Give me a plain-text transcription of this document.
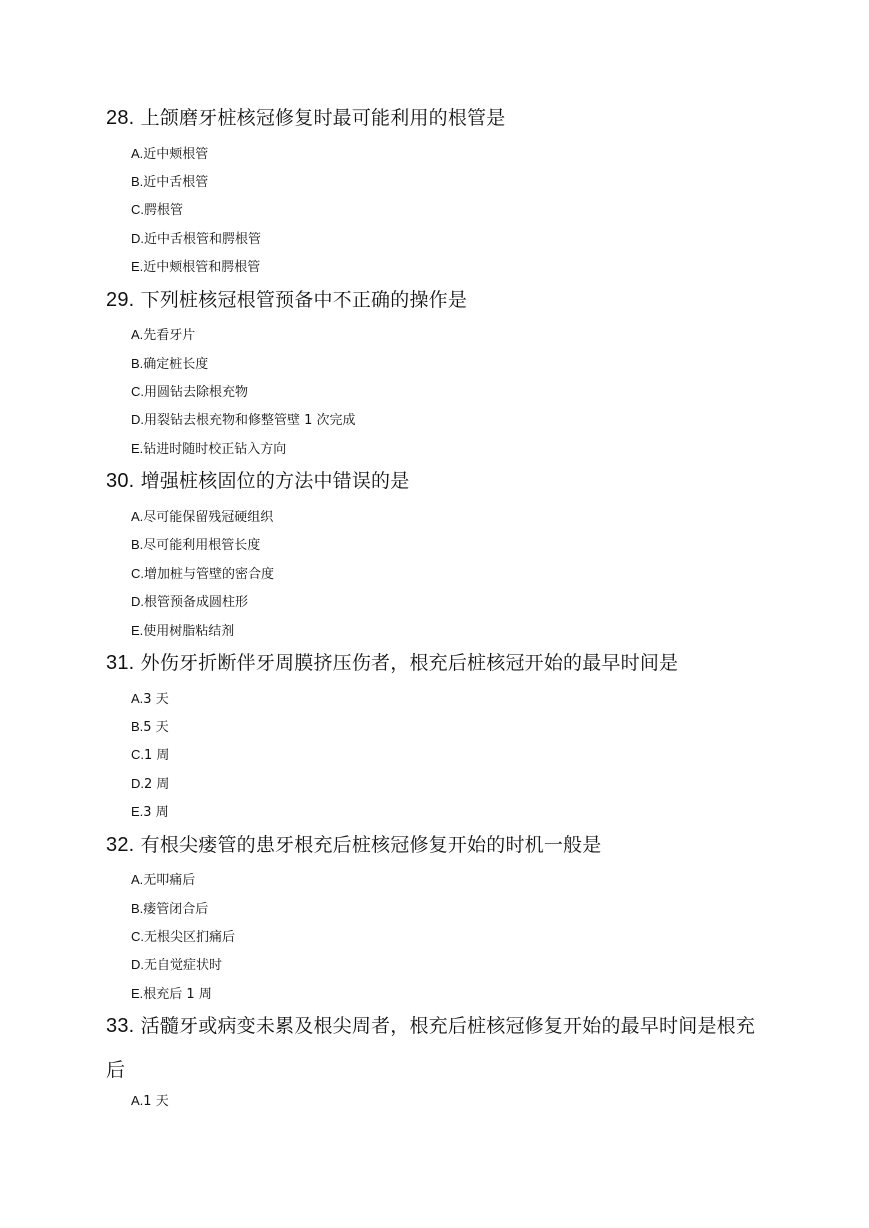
28. 上颌磨牙桩核冠修复时最可能利用的根管是
A.近中颊根管
B.近中舌根管
C.腭根管
D.近中舌根管和腭根管
E.近中颊根管和腭根管
29. 下列桩核冠根管预备中不正确的操作是
A.先看牙片
B.确定桩长度
C.用圆钻去除根充物
D.用裂钻去根充物和修整管壁 1 次完成
E.钻进时随时校正钻入方向
30. 增强桩核固位的方法中错误的是
A.尽可能保留残冠硬组织
B.尽可能利用根管长度
C.增加桩与管壁的密合度
D.根管预备成圆柱形
E.使用树脂粘结剂
31. 外伤牙折断伴牙周膜挤压伤者，根充后桩核冠开始的最早时间是
A.3 天
B.5 天
C.1 周
D.2 周
E.3 周
32. 有根尖瘘管的患牙根充后桩核冠修复开始的时机一般是
A.无叩痛后
B.瘘管闭合后
C.无根尖区扪痛后
D.无自觉症状时
E.根充后 1 周
33. 活髓牙或病变未累及根尖周者，根充后桩核冠修复开始的最早时间是根充后
A.1 天
